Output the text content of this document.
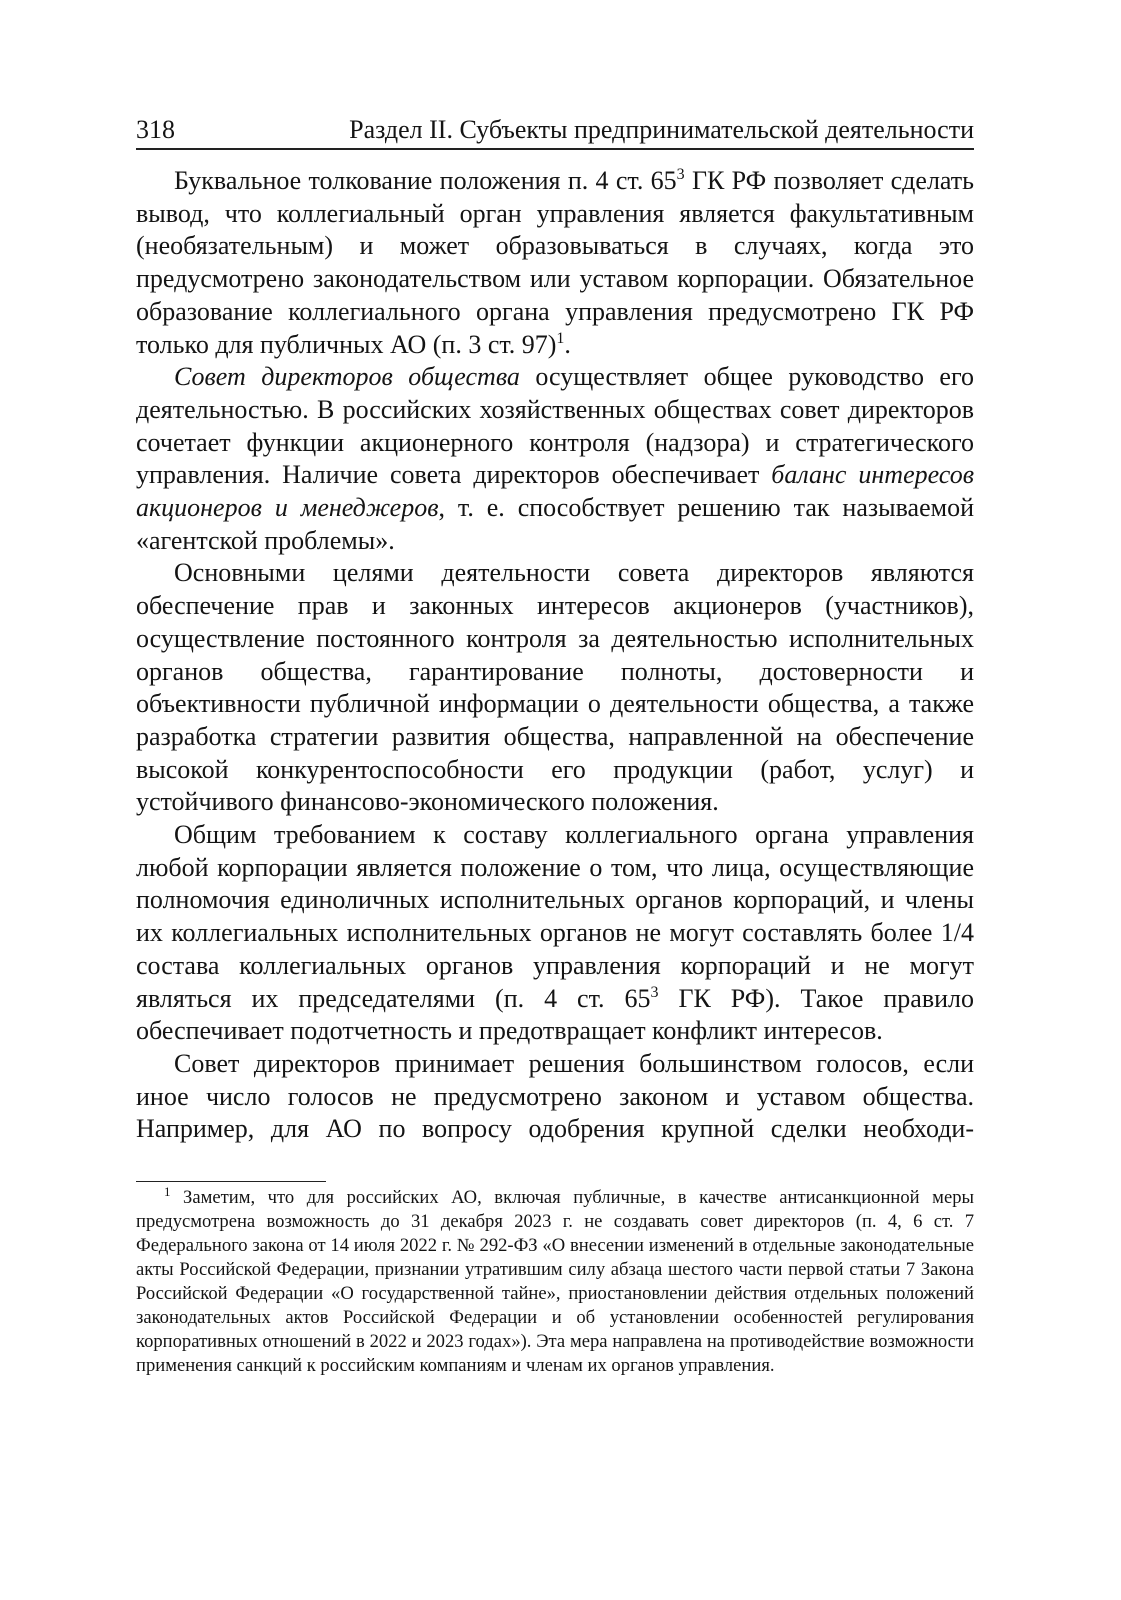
318	Раздел II. Субъекты предпринимательской деятельности

Буквальное толкование положения п. 4 ст. $65^3$ ГК РФ позволяет сделать вывод, что коллегиальный орган управления является факультативным (необязательным) и может образовываться в случаях, когда это предусмотрено законодательством или уставом корпорации. Обязательное образование коллегиального органа управления предусмотрено ГК РФ только для публичных АО (п. 3 ст. 97)$^1$.

Совет директоров общества осуществляет общее руководство его деятельностью. В российских хозяйственных обществах совет директоров сочетает функции акционерного контроля (надзора) и стратегического управления. Наличие совета директоров обеспечивает баланс интересов акционеров и менеджеров, т. е. способствует решению так называемой «агентской проблемы».

Основными целями деятельности совета директоров являются обеспечение прав и законных интересов акционеров (участников), осуществление постоянного контроля за деятельностью исполнительных органов общества, гарантирование полноты, достоверности и объективности публичной информации о деятельности общества, а также разработка стратегии развития общества, направленной на обеспечение высокой конкурентоспособности его продукции (работ, услуг) и устойчивого финансово-экономического положения.

Общим требованием к составу коллегиального органа управления любой корпорации является положение о том, что лица, осуществляющие полномочия единоличных исполнительных органов корпораций, и члены их коллегиальных исполнительных органов не могут составлять более 1/4 состава коллегиальных органов управления корпораций и не могут являться их председателями (п. 4 ст. $65^3$ ГК РФ). Такое правило обеспечивает подотчетность и предотвращает конфликт интересов.

Совет директоров принимает решения большинством голосов, если иное число голосов не предусмотрено законом и уставом общества. Например, для АО по вопросу одобрения крупной сделки необходи-

$^1$ Заметим, что для российских АО, включая публичные, в качестве антисанкционной меры предусмотрена возможность до 31 декабря 2023 г. не создавать совет директоров (п. 4, 6 ст. 7 Федерального закона от 14 июля 2022 г. № 292-ФЗ «О внесении изменений в отдельные законодательные акты Российской Федерации, признании утратившим силу абзаца шестого части первой статьи 7 Закона Российской Федерации «О государственной тайне», приостановлении действия отдельных положений законодательных актов Российской Федерации и об установлении особенностей регулирования корпоративных отношений в 2022 и 2023 годах»). Эта мера направлена на противодействие возможности применения санкций к российским компаниям и членам их органов управления.
